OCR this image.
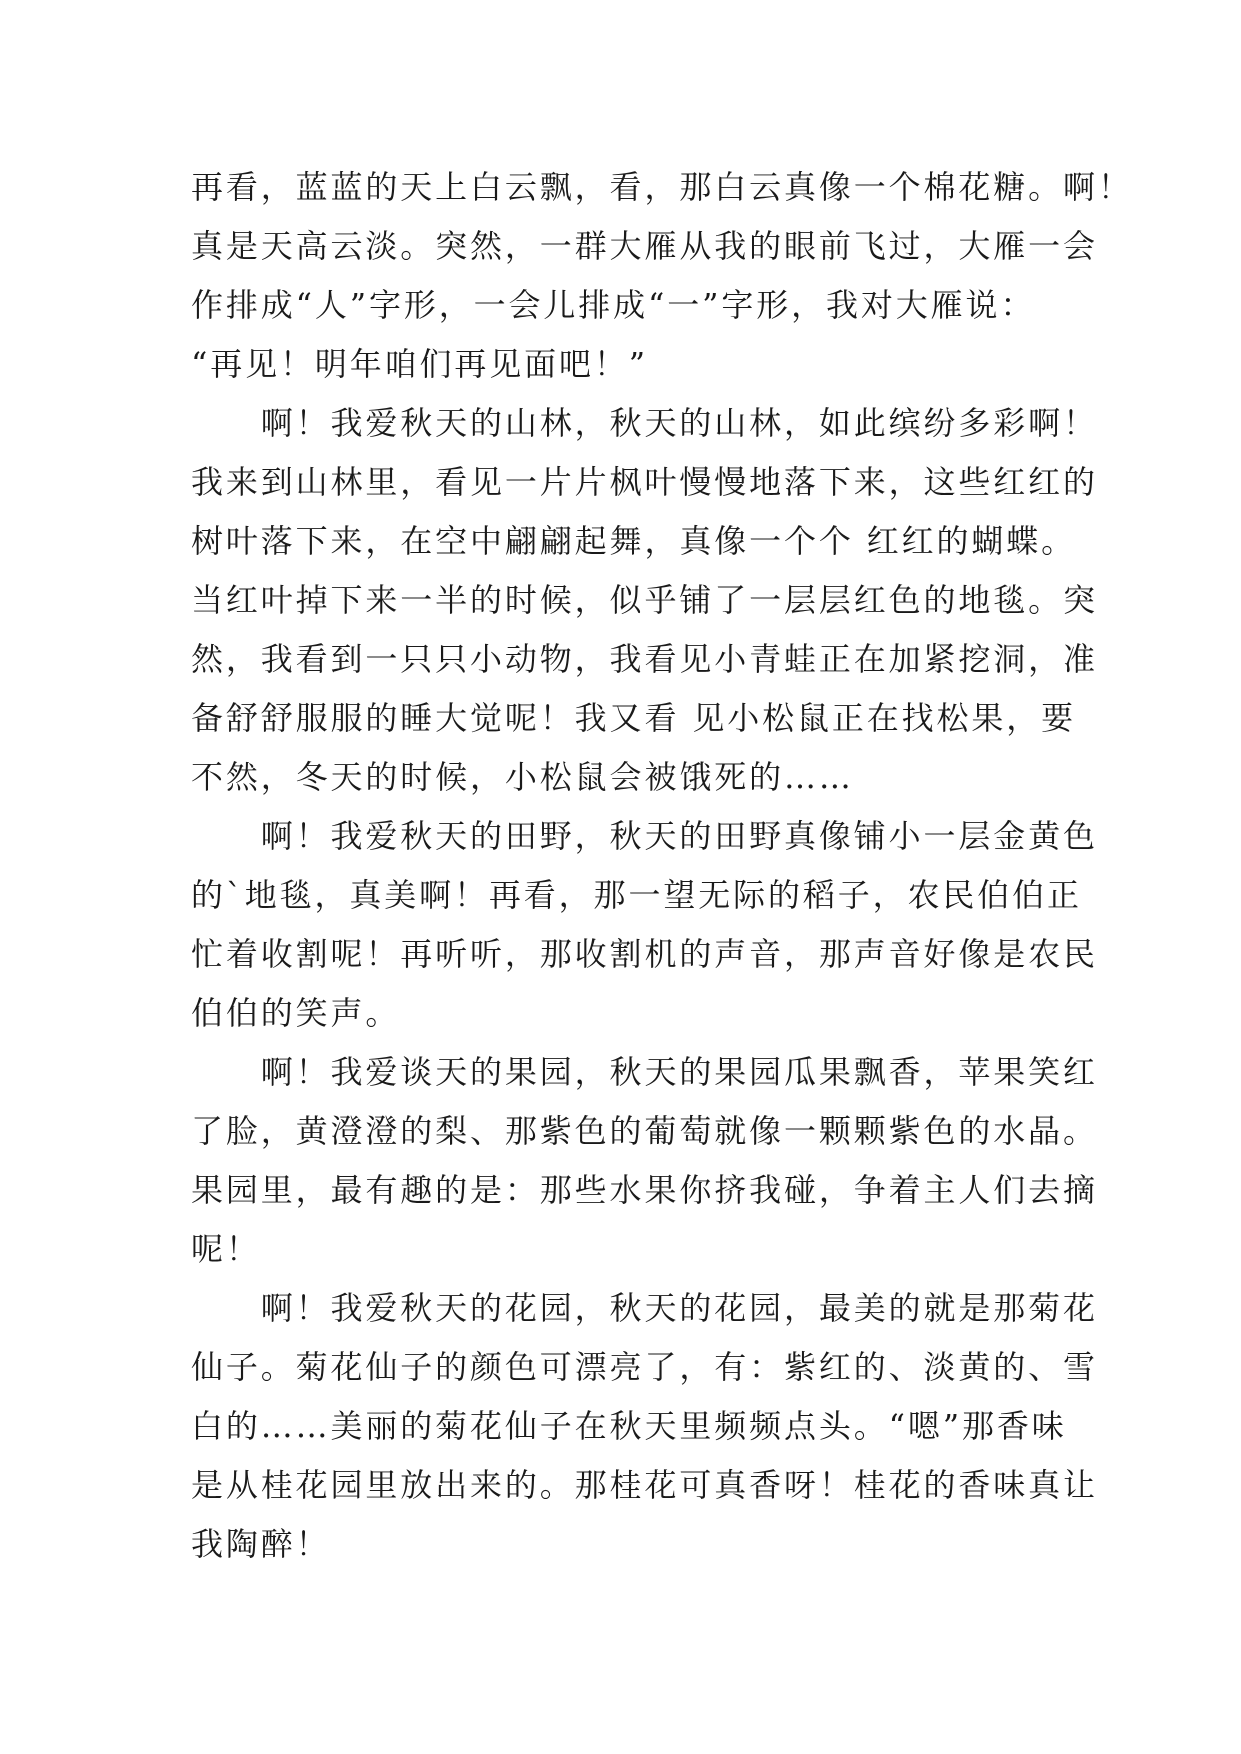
再看，蓝蓝的天上白云飘，看，那白云真像一个棉花糖。啊！
真是天高云淡。突然，一群大雁从我的眼前飞过，大雁一会
作排成“人”字形，一会儿排成“一”字形，我对大雁说：
“再见！明年咱们再见面吧！”
　　啊！我爱秋天的山林，秋天的山林，如此缤纷多彩啊！
我来到山林里，看见一片片枫叶慢慢地落下来，这些红红的
树叶落下来，在空中翩翩起舞，真像一个个 红红的蝴蝶。
当红叶掉下来一半的时候，似乎铺了一层层红色的地毯。突
然，我看到一只只小动物，我看见小青蛙正在加紧挖洞，准
备舒舒服服的睡大觉呢！我又看 见小松鼠正在找松果，要
不然，冬天的时候，小松鼠会被饿死的……
　　啊！我爱秋天的田野，秋天的田野真像铺小一层金黄色
的`地毯，真美啊！再看，那一望无际的稻子，农民伯伯正
忙着收割呢！再听听，那收割机的声音，那声音好像是农民
伯伯的笑声。
　　啊！我爱谈天的果园，秋天的果园瓜果飘香，苹果笑红
了脸，黄澄澄的梨、那紫色的葡萄就像一颗颗紫色的水晶。
果园里，最有趣的是：那些水果你挤我碰，争着主人们去摘
呢！
　　啊！我爱秋天的花园，秋天的花园，最美的就是那菊花
仙子。菊花仙子的颜色可漂亮了，有：紫红的、淡黄的、雪
白的……美丽的菊花仙子在秋天里频频点头。“嗯”那香味
是从桂花园里放出来的。那桂花可真香呀！桂花的香味真让
我陶醉！
